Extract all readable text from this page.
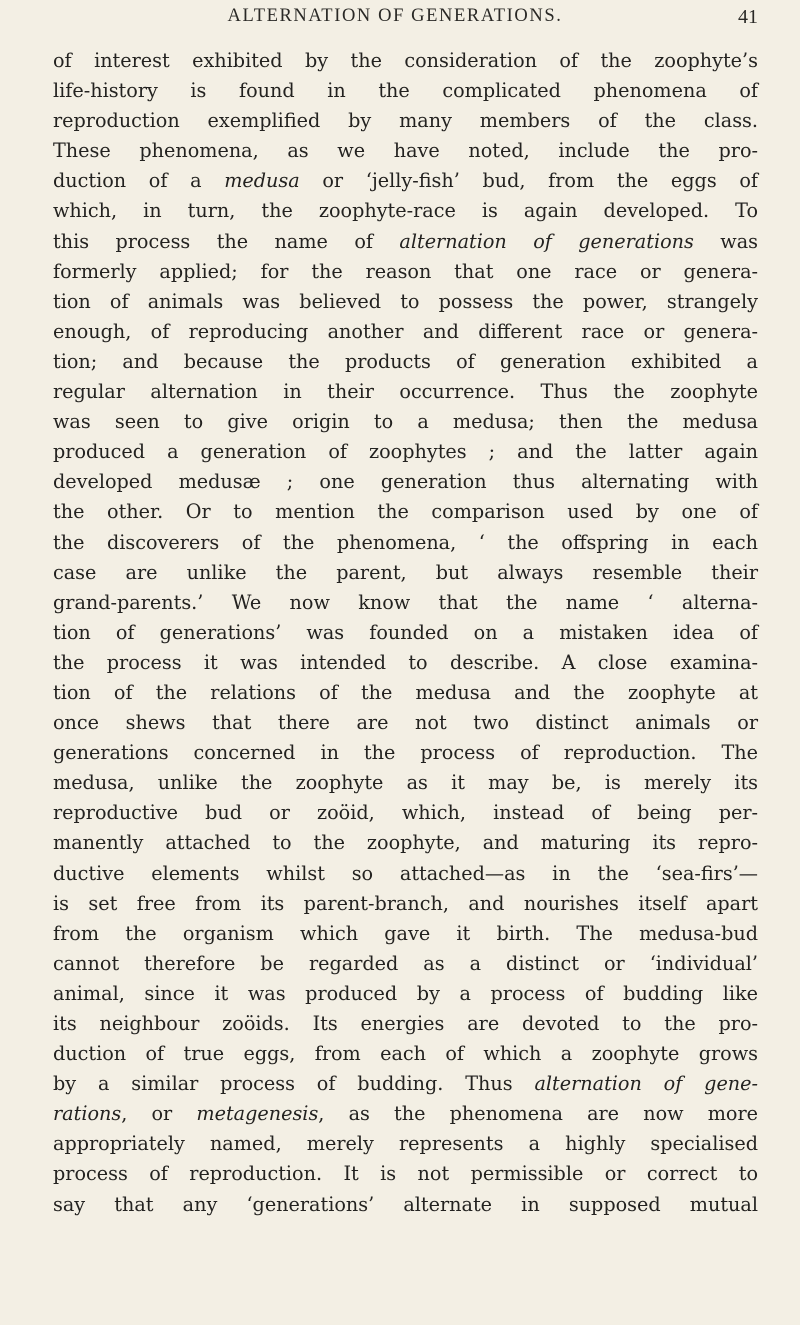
ALTERNATION OF GENERATIONS.	41
of interest exhibited by the consideration of the zoophyte’s
life-history is found in the complicated phenomena of
reproduction exemplified by many members of the class.
These phenomena, as we have noted, include the pro-
duction of a medusa or ‘jelly-fish’ bud, from the eggs of
which, in turn, the zoophyte-race is again developed. To
this process the name of alternation of generations was
formerly applied; for the reason that one race or genera-
tion of animals was believed to possess the power, strangely
enough, of reproducing another and different race or genera-
tion; and because the products of generation exhibited a
regular alternation in their occurrence. Thus the zoophyte
was seen to give origin to a medusa; then the medusa
produced a generation of zoophytes ; and the latter again
developed medusæ ; one generation thus alternating with
the other. Or to mention the comparison used by one of
the discoverers of the phenomena, ‘ the offspring in each
case are unlike the parent, but always resemble their
grand-parents.’ We now know that the name ‘ alterna-
tion of generations’ was founded on a mistaken idea of
the process it was intended to describe. A close examina-
tion of the relations of the medusa and the zoophyte at
once shews that there are not two distinct animals or
generations concerned in the process of reproduction. The
medusa, unlike the zoophyte as it may be, is merely its
reproductive bud or zoöid, which, instead of being per-
manently attached to the zoophyte, and maturing its repro-
ductive elements whilst so attached—as in the ‘sea-firs’—
is set free from its parent-branch, and nourishes itself apart
from the organism which gave it birth. The medusa-bud
cannot therefore be regarded as a distinct or ‘individual’
animal, since it was produced by a process of budding like
its neighbour zoöids. Its energies are devoted to the pro-
duction of true eggs, from each of which a zoophyte grows
by a similar process of budding. Thus alternation of gene-
rations, or metagenesis, as the phenomena are now more
appropriately named, merely represents a highly specialised
process of reproduction. It is not permissible or correct to
say that any ‘generations’ alternate in supposed mutual
